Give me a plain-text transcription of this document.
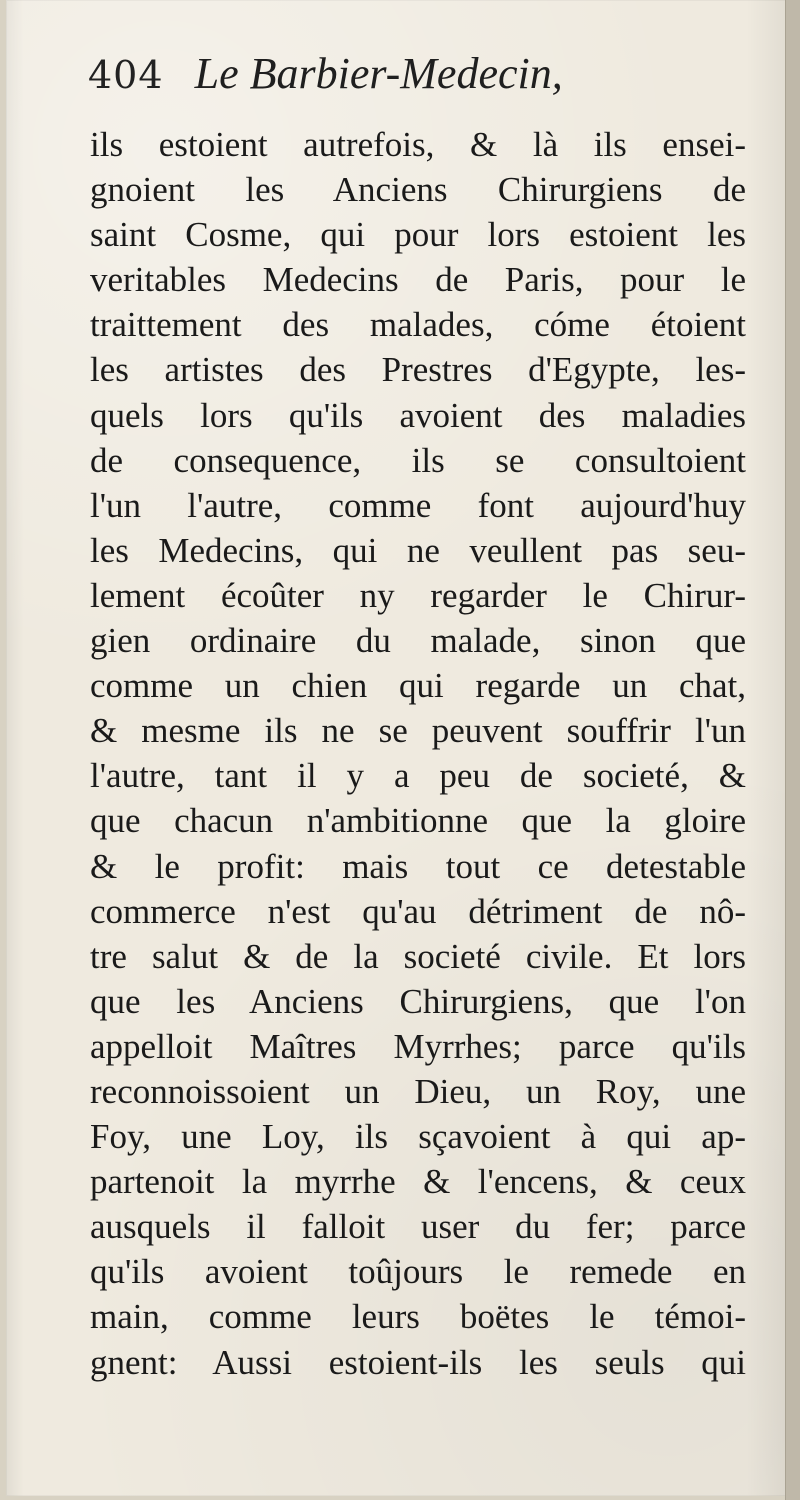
404 Le Barbier-Medecin,
ils estoient autrefois, & là ils ensei-
gnoient les Anciens Chirurgiens de
saint Cosme, qui pour lors estoient les
veritables Medecins de Paris, pour le
traittement des malades, cóme étoient
les artistes des Prestres d'Egypte, les-
quels lors qu'ils avoient des maladies
de consequence, ils se consultoient
l'un l'autre, comme font aujourd'huy
les Medecins, qui ne veullent pas seu-
lement écoûter ny regarder le Chirur-
gien ordinaire du malade, sinon que
comme un chien qui regarde un chat,
& mesme ils ne se peuvent souffrir l'un
l'autre, tant il y a peu de societé, &
que chacun n'ambitionne que la gloire
& le profit: mais tout ce detestable
commerce n'est qu'au détriment de nô-
tre salut & de la societé civile. Et lors
que les Anciens Chirurgiens, que l'on
appelloit Maîtres Myrrhes; parce qu'ils
reconnoissoient un Dieu, un Roy, une
Foy, une Loy, ils sçavoient à qui ap-
partenoit la myrrhe & l'encens, & ceux
ausquels il falloit user du fer; parce
qu'ils avoient toûjours le remede en
main, comme leurs boëtes le témoi-
gnent: Aussi estoient-ils les seuls qui
